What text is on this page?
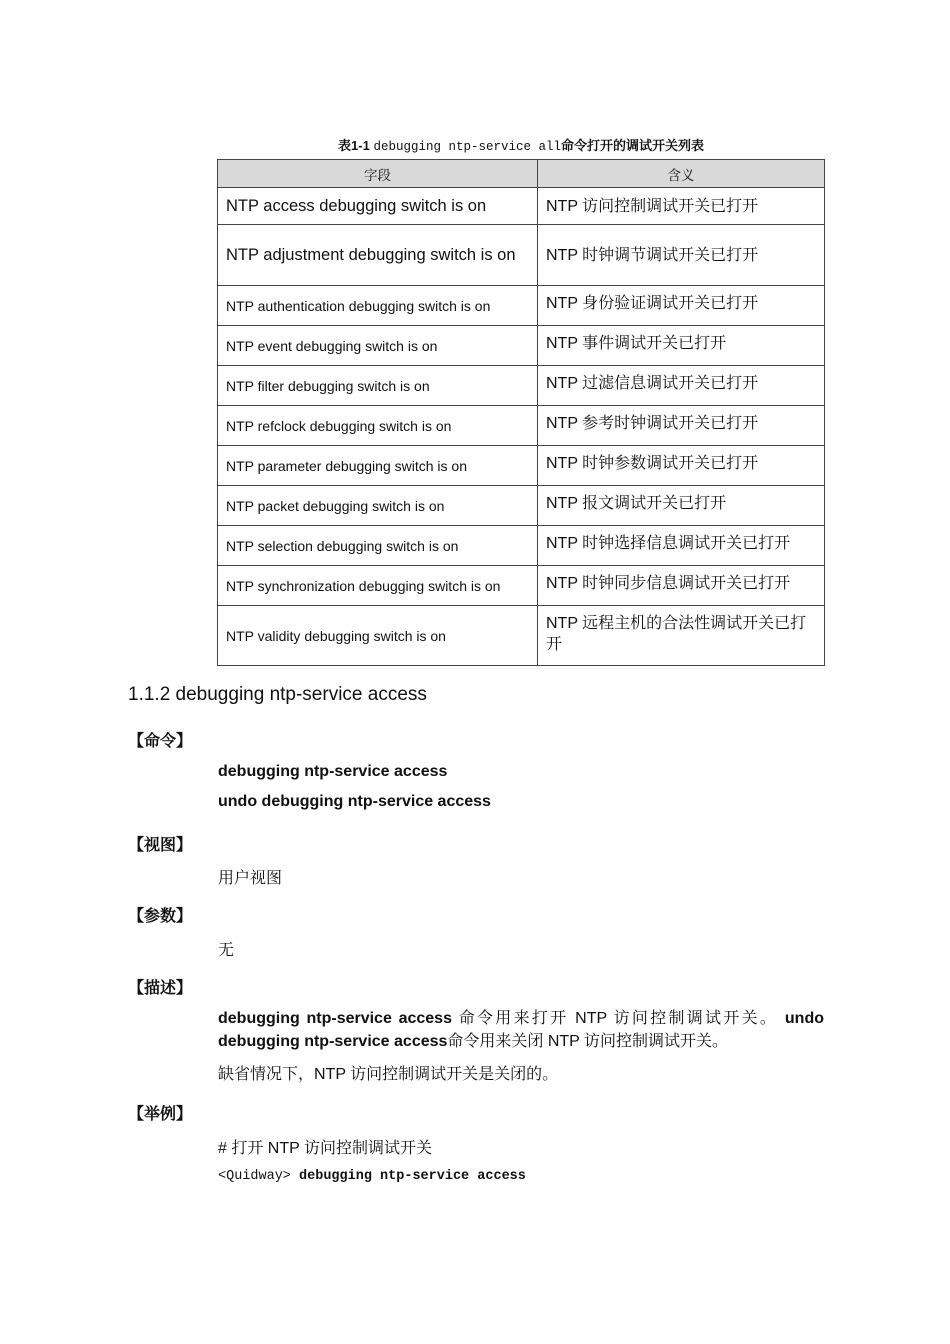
表1-1 debugging ntp-service all命令打开的调试开关列表
字段	含义
NTP access debugging switch is on	NTP 访问控制调试开关已打开
NTP adjustment debugging switch is on	NTP 时钟调节调试开关已打开
NTP authentication debugging switch is on	NTP 身份验证调试开关已打开
NTP event debugging switch is on	NTP 事件调试开关已打开
NTP filter debugging switch is on	NTP 过滤信息调试开关已打开
NTP refclock debugging switch is on	NTP 参考时钟调试开关已打开
NTP parameter debugging switch is on	NTP 时钟参数调试开关已打开
NTP packet debugging switch is on	NTP 报文调试开关已打开
NTP selection debugging switch is on	NTP 时钟选择信息调试开关已打开
NTP synchronization debugging switch is on	NTP 时钟同步信息调试开关已打开
NTP validity debugging switch is on	NTP 远程主机的合法性调试开关已打开
1.1.2 debugging ntp-service access
【命令】
debugging ntp-service access
undo debugging ntp-service access
【视图】
用户视图
【参数】
无
【描述】
debugging ntp-service access 命令用来打开 NTP 访问控制调试开关。 undo debugging ntp-service access命令用来关闭 NTP 访问控制调试开关。
缺省情况下，NTP 访问控制调试开关是关闭的。
【举例】
# 打开 NTP 访问控制调试开关
<Quidway> debugging ntp-service access
